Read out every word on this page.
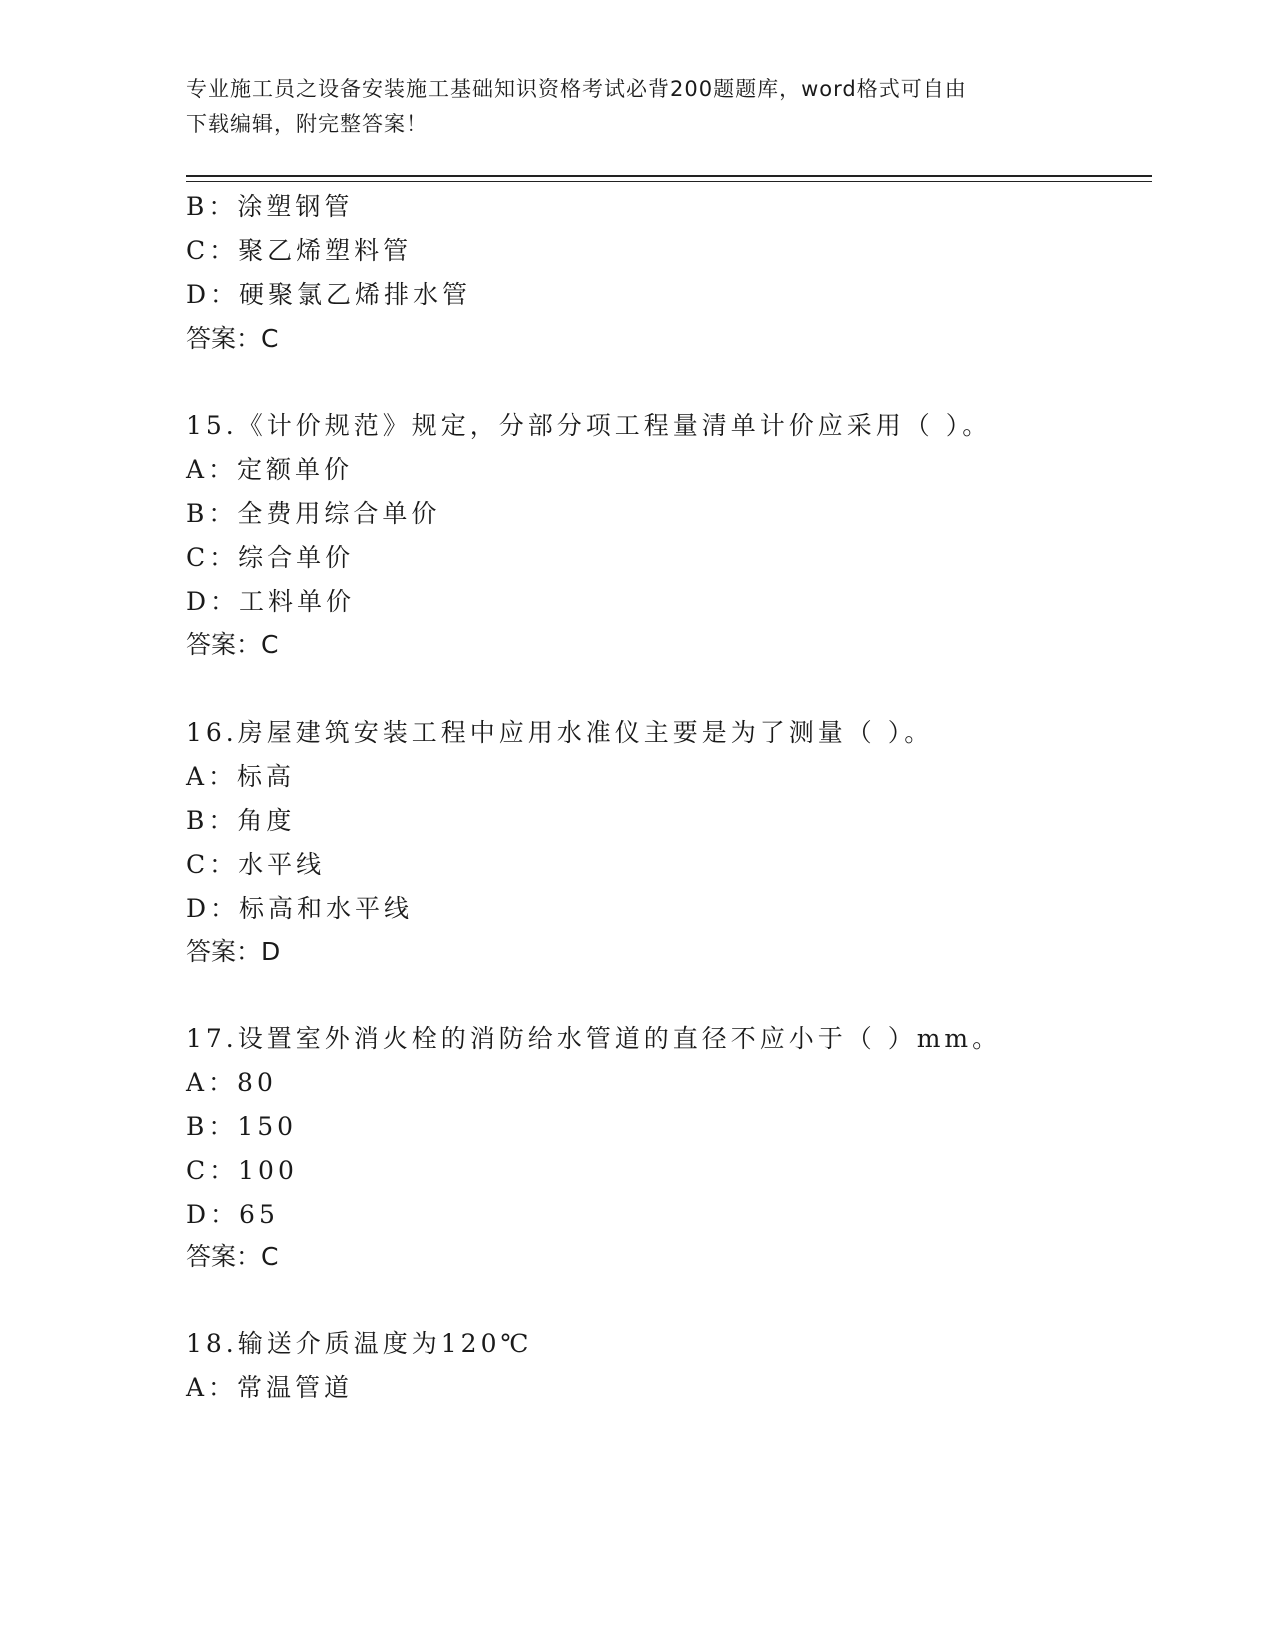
专业施工员之设备安装施工基础知识资格考试必背200题题库，word格式可自由
下载编辑，附完整答案！
B：涂塑钢管
C：聚乙烯塑料管
D：硬聚氯乙烯排水管
答案：C
15.《计价规范》规定，分部分项工程量清单计价应采用（ ）。
A：定额单价
B：全费用综合单价
C：综合单价
D：工料单价
答案：C
16.房屋建筑安装工程中应用水准仪主要是为了测量（ ）。
A：标高
B：角度
C：水平线
D：标高和水平线
答案：D
17.设置室外消火栓的消防给水管道的直径不应小于（ ）mm。
A：80
B：150
C：100
D：65
答案：C
18.输送介质温度为120℃
A：常温管道
